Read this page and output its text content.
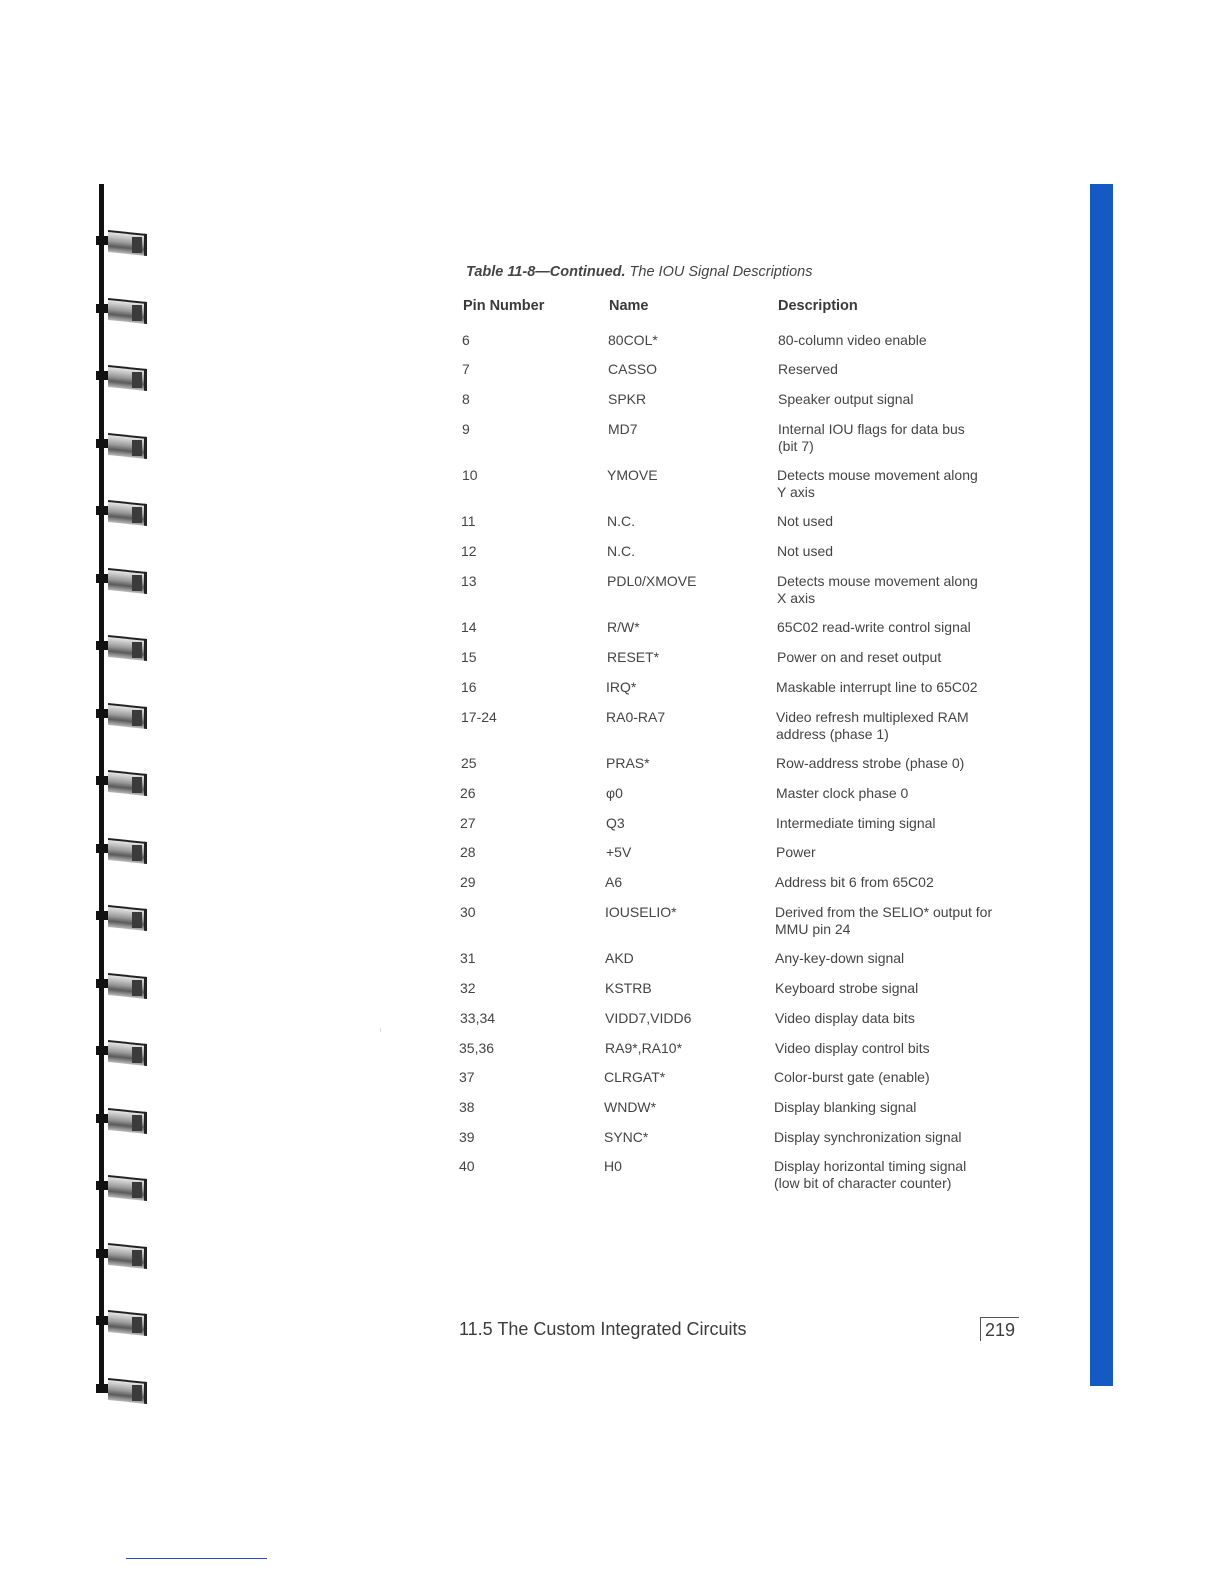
Table 11-8—Continued. The IOU Signal Descriptions
Pin Number	Name	Description
6	80COL*	80-column video enable
7	CASSO	Reserved
8	SPKR	Speaker output signal
9	MD7	Internal IOU flags for data bus
(bit 7)
10	YMOVE	Detects mouse movement along
Y axis
11	N.C.	Not used
12	N.C.	Not used
13	PDL0/XMOVE	Detects mouse movement along
X axis
14	R/W*	65C02 read-write control signal
15	RESET*	Power on and reset output
16	IRQ*	Maskable interrupt line to 65C02
17-24	RA0-RA7	Video refresh multiplexed RAM
address (phase 1)
25	PRAS*	Row-address strobe (phase 0)
26	φ0	Master clock phase 0
27	Q3	Intermediate timing signal
28	+5V	Power
29	A6	Address bit 6 from 65C02
30	IOUSELIO*	Derived from the SELIO* output for
MMU pin 24
31	AKD	Any-key-down signal
32	KSTRB	Keyboard strobe signal
33,34	VIDD7,VIDD6	Video display data bits
35,36	RA9*,RA10*	Video display control bits
37	CLRGAT*	Color-burst gate (enable)
38	WNDW*	Display blanking signal
39	SYNC*	Display synchronization signal
40	H0	Display horizontal timing signal
(low bit of character counter)
11.5 The Custom Integrated Circuits	219
